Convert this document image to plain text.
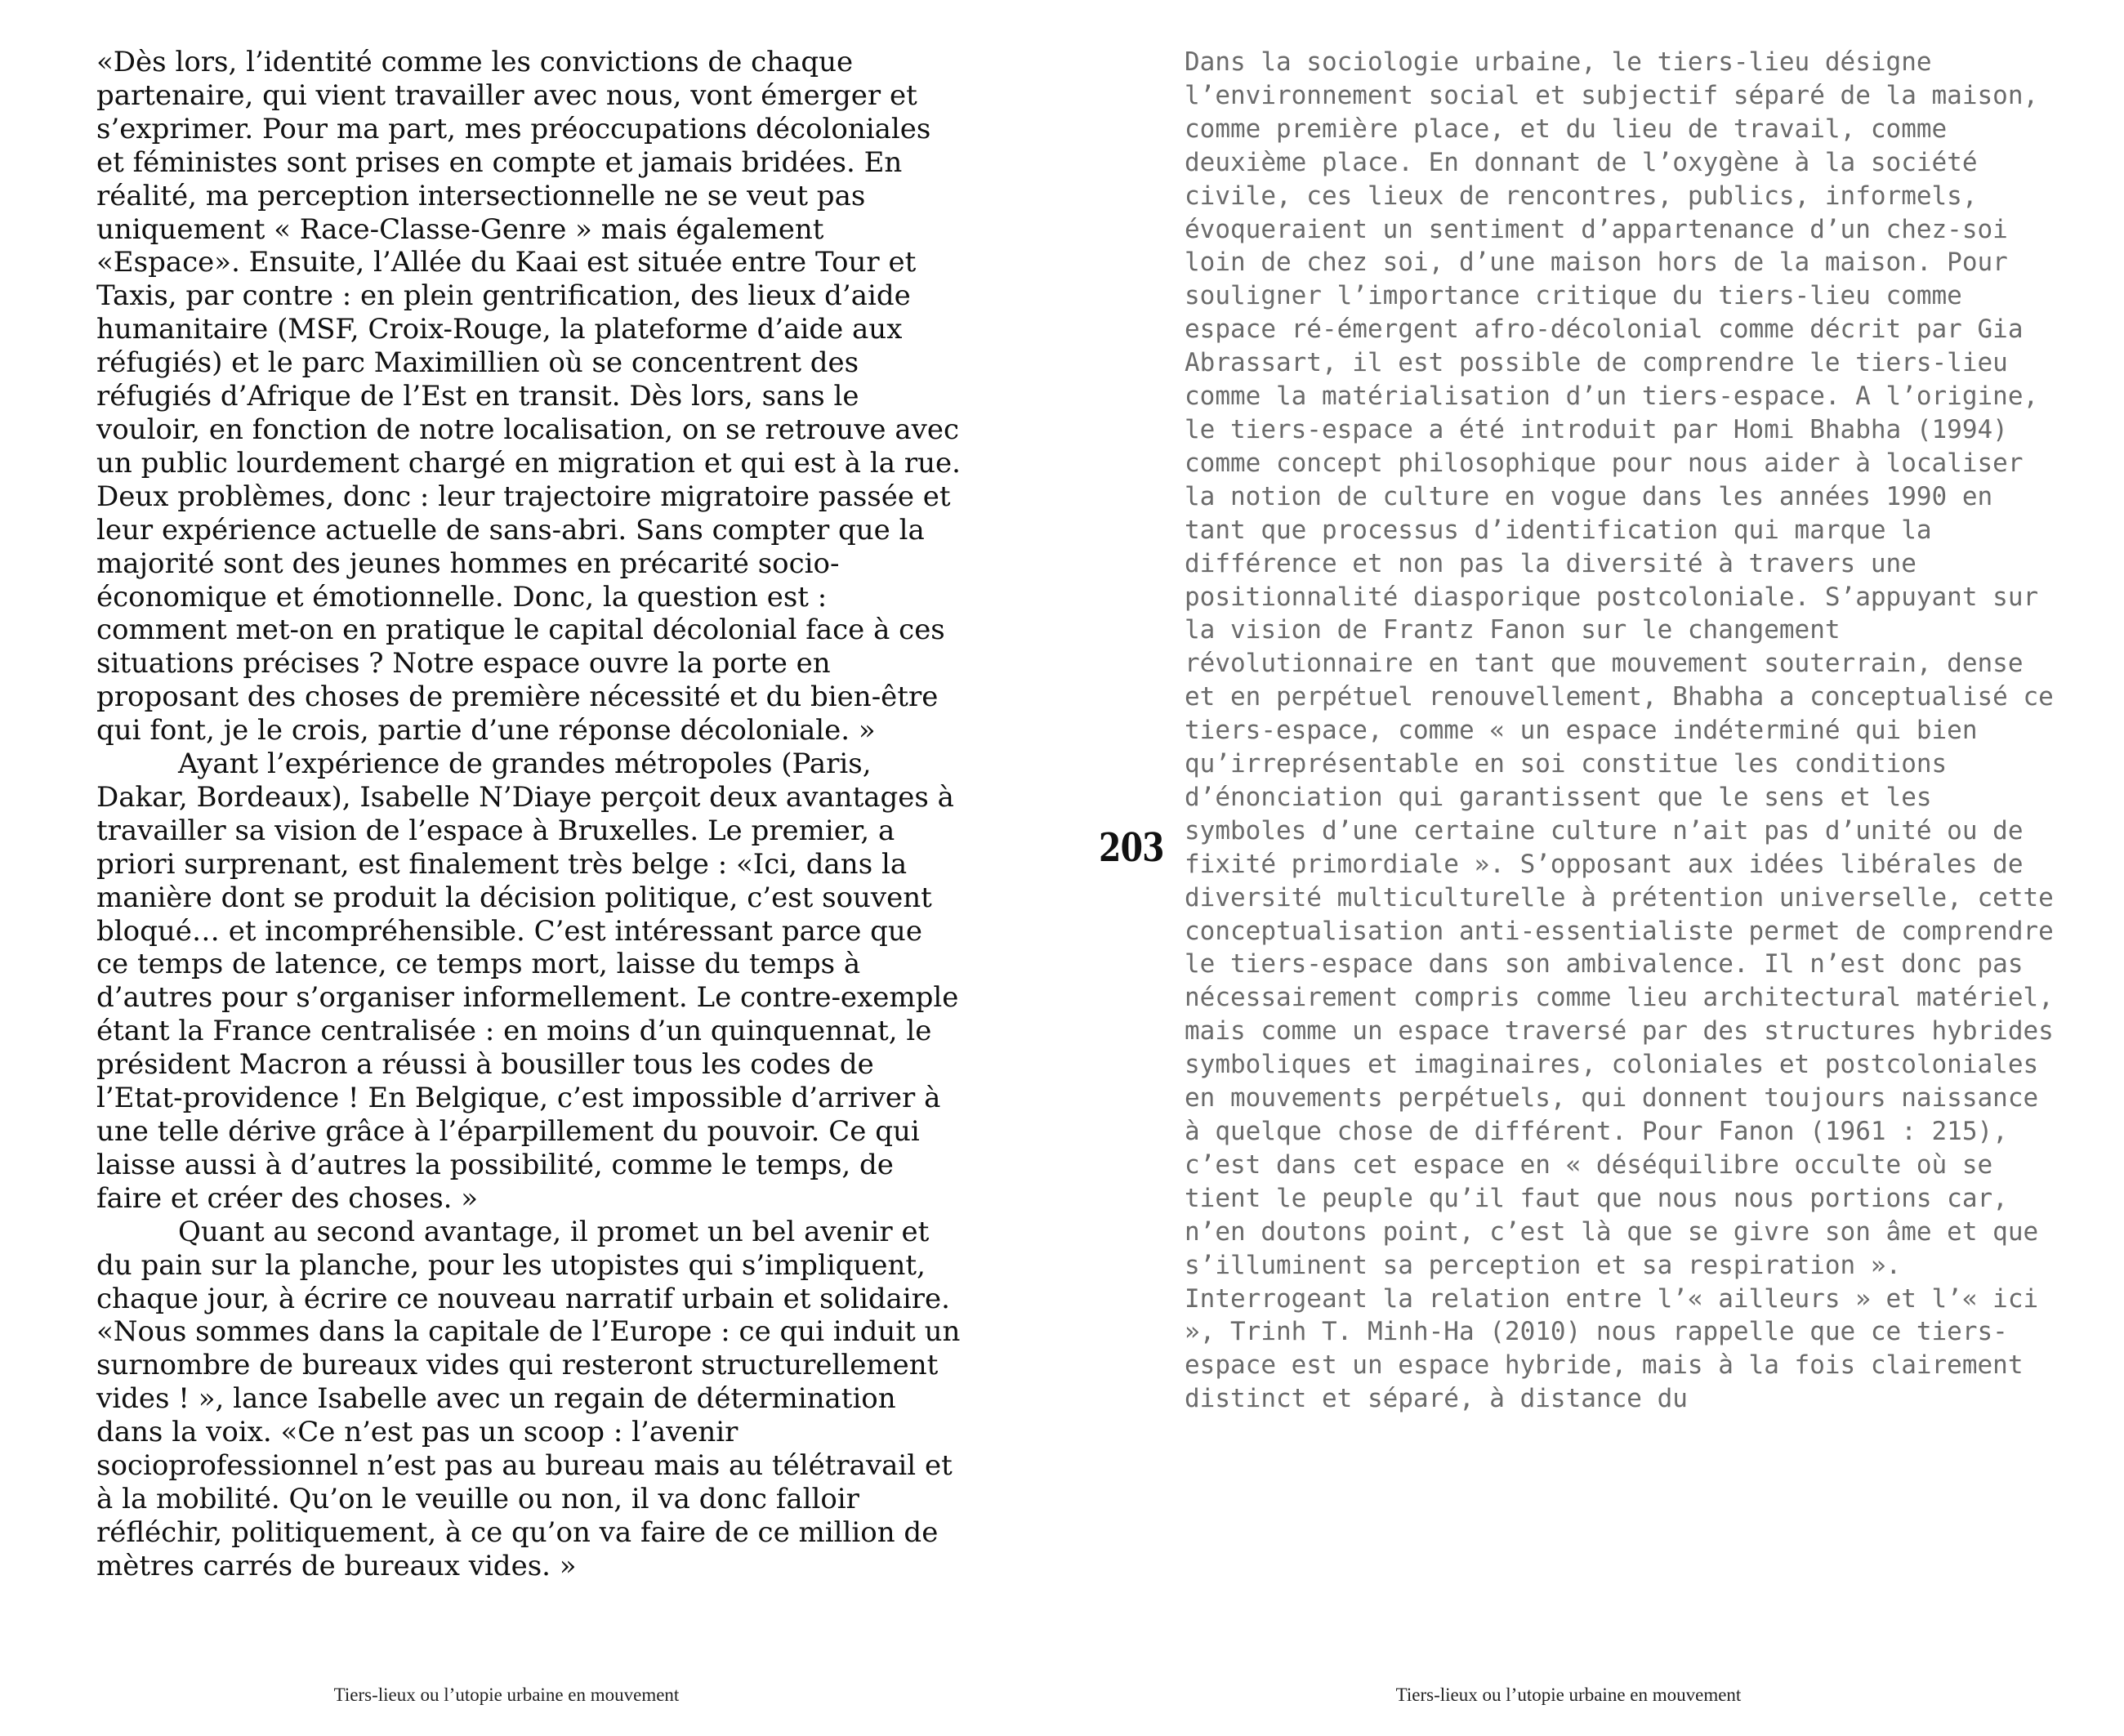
«Dès lors, l’identité comme les convictions de chaque partenaire, qui vient travailler avec nous, vont émerger et s’exprimer. Pour ma part, mes préoccupations décoloniales et féministes sont prises en compte et jamais bridées. En réalité, ma perception intersectionnelle ne se veut pas uniquement « Race-Classe-Genre » mais également «Espace». Ensuite, l’Allée du Kaai est située entre Tour et Taxis, par contre : en plein gentrification, des lieux d’aide humanitaire (MSF, Croix-Rouge, la plateforme d’aide aux réfugiés) et le parc Maximillien où se concentrent des réfugiés d’Afrique de l’Est en transit. Dès lors, sans le vouloir, en fonction de notre localisation, on se retrouve avec un public lourdement chargé en migration et qui est à la rue. Deux problèmes, donc : leur trajectoire migratoire passée et leur expérience actuelle de sans-abri. Sans compter que la majorité sont des jeunes hommes en précarité socio-économique et émotionnelle. Donc, la question est : comment met-on en pratique le capital décolonial face à ces situations précises ? Notre espace ouvre la porte en proposant des choses de première nécessité et du bien-être qui font, je le crois, partie d’une réponse décoloniale. »

Ayant l’expérience de grandes métropoles (Paris, Dakar, Bordeaux), Isabelle N’Diaye perçoit deux avantages à travailler sa vision de l’espace à Bruxelles. Le premier, a priori surprenant, est finalement très belge : «Ici, dans la manière dont se produit la décision politique, c’est souvent bloqué… et incompréhensible. C’est intéressant parce que ce temps de latence, ce temps mort, laisse du temps à d’autres pour s’organiser informellement. Le contre-exemple étant la France centralisée : en moins d’un quinquennat, le président Macron a réussi à bousiller tous les codes de l’Etat-providence ! En Belgique, c’est impossible d’arriver à une telle dérive grâce à l’éparpillement du pouvoir. Ce qui laisse aussi à d’autres la possibilité, comme le temps, de faire et créer des choses. »

Quant au second avantage, il promet un bel avenir et du pain sur la planche, pour les utopistes qui s’impliquent, chaque jour, à écrire ce nouveau narratif urbain et solidaire. «Nous sommes dans la capitale de l’Europe : ce qui induit un surnombre de bureaux vides qui resteront structurellement vides ! », lance Isabelle avec un regain de détermination dans la voix. «Ce n’est pas un scoop : l’avenir socioprofessionnel n’est pas au bureau mais au télétravail et à la mobilité. Qu’on le veuille ou non, il va donc falloir réfléchir, politiquement, à ce qu’on va faire de ce million de mètres carrés de bureaux vides. »

Tiers-lieux ou l’utopie urbaine en mouvement
203

Dans la sociologie urbaine, le tiers-lieu désigne l’environnement social et subjectif séparé de la maison, comme première place, et du lieu de travail, comme deuxième place. En donnant de l’oxygène à la société civile, ces lieux de rencontres, publics, informels, évoqueraient un sentiment d’appartenance d’un chez-soi loin de chez soi, d’une maison hors de la maison. Pour souligner l’importance critique du tiers-lieu comme espace ré-émergent afro-décolonial comme décrit par Gia Abrassart, il est possible de comprendre le tiers-lieu comme la matérialisation d’un tiers-espace. A l’origine, le tiers-espace a été introduit par Homi Bhabha (1994) comme concept philosophique pour nous aider à localiser la notion de culture en vogue dans les années 1990 en tant que processus d’identification qui marque la différence et non pas la diversité à travers une positionnalité diasporique postcoloniale. S’appuyant sur la vision de Frantz Fanon sur le changement révolutionnaire en tant que mouvement souterrain, dense et en perpétuel renouvellement, Bhabha a conceptualisé ce tiers-espace, comme « un espace indéterminé qui bien qu’irreprésentable en soi constitue les conditions d’énonciation qui garantissent que le sens et les symboles d’une certaine culture n’ait pas d’unité ou de fixité primordiale ». S’opposant aux idées libérales de diversité multiculturelle à prétention universelle, cette conceptualisation anti-essentialiste permet de comprendre le tiers-espace dans son ambivalence. Il n’est donc pas nécessairement compris comme lieu architectural matériel, mais comme un espace traversé par des structures hybrides symboliques et imaginaires, coloniales et postcoloniales en mouvements perpétuels, qui donnent toujours naissance à quelque chose de différent. Pour Fanon (1961 : 215), c’est dans cet espace en « déséquilibre occulte où se tient le peuple qu’il faut que nous nous portions car, n’en doutons point, c’est là que se givre son âme et que s’illuminent sa perception et sa respiration ». Interrogeant la relation entre l’« ailleurs » et l’« ici », Trinh T. Minh-Ha (2010) nous rappelle que ce tiers-espace est un espace hybride, mais à la fois clairement distinct et séparé, à distance du

Tiers-lieux ou l’utopie urbaine en mouvement
